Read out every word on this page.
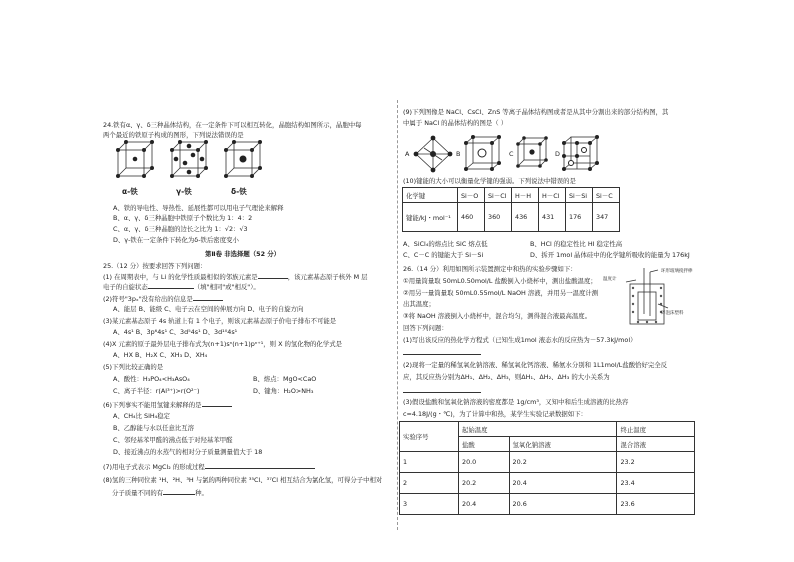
24.铁有α、γ、δ三种晶体结构，在一定条件下可以相互转化，晶胞结构如图所示，晶胞中每
两个最近的铁原子构成的图形，下列说法错误的是
α-铁	γ-铁	δ-铁
A、铁的导电性、导热性、延展性都可以用电子气理论来解释
B、α、γ、δ三种晶胞中铁原子个数比为 1：4：2
C、α、γ、δ三种晶胞的边长之比为 1：√2：√3
D、γ-铁在一定条件下转化为δ-铁后密度变小
第Ⅱ卷 非选择题（52 分）
25.（12 分）按要求回答下列问题：
(1) 在周期表中，与 Li 的化学性质最相似的邻族元素是	，该元素基态原子核外 M 层
电子的自旋状态	（填"相同"或"相反"）。
(2)符号"3pₓ"没有给出的信息是
A、能层 B、能级 C、电子云在空间的伸展方向 D、电子的自旋方向
(3)某元素基态原子 4s 轨道上有 1 个电子，则该元素基态原子价电子排布不可能是
A、4s¹ B、3p⁶4s¹ C、3d⁵4s¹ D、3d¹⁰4s¹
(4)X 元素的原子最外层电子排布式为(n+1)sⁿ(n+1)pⁿ⁺¹，则 X 的氢化物的化学式是
A、HX B、H₂X C、XH₃ D、XH₄
(5)下列比较正确的是
A、酸性：H₃PO₄<H₃AsO₄	B、熔点：MgO<CaO
C、离子半径：r(Al³⁺)>r(O²⁻)	D、键角：H₂O>NH₃
(6)下列事实不能用氢键来解释的是
A、CH₄比 SiH₄稳定
B、乙醇能与水以任意比互溶
C、邻羟基苯甲醛的沸点低于对羟基苯甲醛
D、接近沸点的水蒸气的相对分子质量测量值大于 18
(7)用电子式表示 MgCl₂ 的形成过程
(8)氢的三种同位素 ¹H、²H、³H 与氯的两种同位素 ³⁵Cl、³⁷Cl 相互结合为氯化氢，可得分子中相对
分子质量不同的有	种。
(9)下列图像是 NaCl、CsCl、ZnS 等离子晶体结构图或者是从其中分割出来的部分结构图，其
中属于 NaCl 的晶体结构的图是（ ）
A	B	C	D
(10)键能的大小可以衡量化学键的强弱。下列说法中错误的是
化学键	Si－O	Si－Cl	H－H	H－Cl	Si－Si	Si－C
键能/kJ・mol⁻¹	460	360	436	431	176	347
A、SiCl₄的熔点比 SiC 熔点低	B、HCl 的稳定性比 HI 稳定性高
C、C－C 的键能大于 Si－Si	D、拆开 1mol 晶体硅中的化学键所吸收的能量为 176kJ
26.（14 分）利用如图所示装置测定中和热的实验步骤如下：
①用量筒量取 50mL0.50mol/L 盐酸倒入小烧杯中，测出盐酸温度；
②用另一量筒量取 50mL0.55mol/L NaOH 溶液，并用另一温度计测
出其温度；
③将 NaOH 溶液倒入小烧杯中，混合均匀，测得混合液最高温度。
回答下列问题：
温度计
环形玻璃搅拌棒
碎泡沫塑料
(1)写出该反应的热化学方程式（已知生成1mol 液态水的反应热为－57.3kJ/mol）
(2)现将一定量的稀氢氧化钠溶液、稀氢氧化钙溶液、稀氨水分别和 1L1mol/L盐酸恰好完全反
应，其反应热分别为ΔH₁、ΔH₂、ΔH₃，则ΔH₁、ΔH₂、ΔH₃ 的大小关系为
(3)假设盐酸和氢氧化钠溶液的密度都是 1g/cm³，又知中和后生成溶液的比热容
c=4.18J/(g・℃)，为了计算中和热，某学生实验记录数据如下：
实验序号	起始温度		终止温度
	盐酸	氢氧化钠溶液	混合溶液
1	20.0	20.2	23.2
2	20.2	20.4	23.4
3	20.4	20.6	23.6
